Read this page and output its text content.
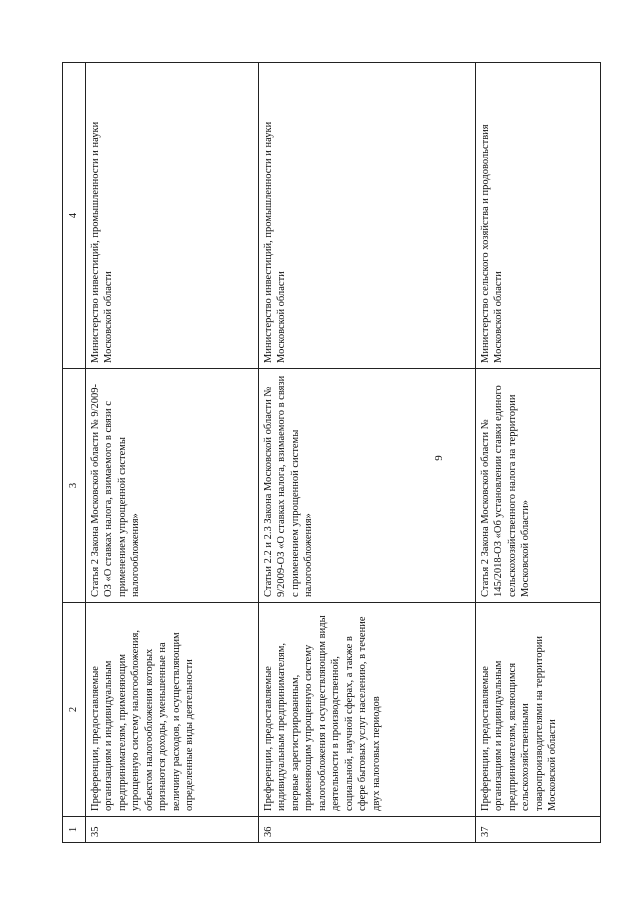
9
1	2	3	4
35	Преференции, предоставляемые организациям и индивидуальным предпринимателям, применяющим упрощенную систему налогообложения, объектом налогообложения которых признаются доходы, уменьшенные на величину расходов, и осуществляющим определенные виды деятельности	Статья 2 Закона Московской области № 9/2009-ОЗ «О ставках налога, взимаемого в связи с применением упрощенной системы налогообложения»	Министерство инвестиций, промышленности и науки Московской области
36	Преференции, предоставляемые индивидуальным предпринимателям, впервые зарегистрированным, применяющим упрощенную систему налогообложения и осуществляющим виды деятельности в производственной, социальной, научной сферах, а также в сфере бытовых услуг населению, в течение двух налоговых периодов	Статьи 2.2 и 2.3 Закона Московской области № 9/2009-ОЗ «О ставках налога, взимаемого в связи с применением упрощенной системы налогообложения»	Министерство инвестиций, промышленности и науки Московской области
37	Преференции, предоставляемые организациям и индивидуальным предпринимателям, являющимся сельскохозяйственными товаропроизводителями на территории Московской области	Статья 2 Закона Московской области № 145/2018-ОЗ «Об установлении ставки единого сельскохозяйственного налога на территории Московской области»	Министерство сельского хозяйства и продовольствия Московской области
